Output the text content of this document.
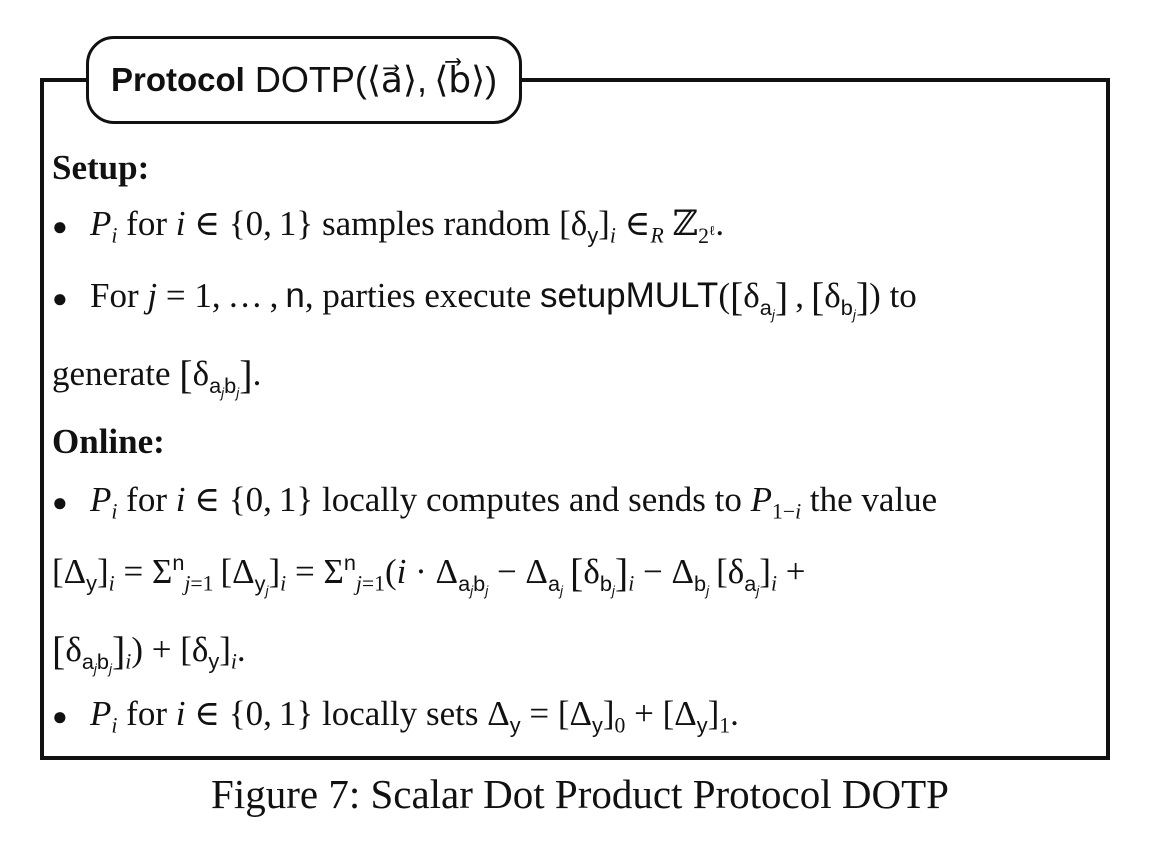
Protocol DOTP(⟨a⃗⟩, ⟨b⃗⟩)
Setup:
● $P_i$ for i ∈ {0, 1} samples random $[\delta_y]_i$ $\in_R$ ℤ$_{2^\ell}$.
● For j = 1, … , n, parties execute $setupMULT([\delta_{a_j}]$ , $[\delta_{b_j}]$) to
generate $[\delta_{a_jb_j}]$.
Online:
● $P_i$ for i ∈ {0, 1} locally computes and sends to $P_{1-i}$ the value
$[\Delta_y]_i = \Sigma^n_{j=1}$ $[\Delta_{y_j}]_i = \Sigma^n_{j=1}(i \cdot \Delta_{a_jb_j} - \Delta_{a_j}$  $[\delta_{b_j}]_i - \Delta_{b_j}$ $[\delta_{a_j}]_i$ +
$[\delta_{a_jb_j}]_i) + [\delta_y]_i$.
● $P_i$ for i ∈ {0, 1} locally sets $\Delta_y = [\Delta_y]_0 + [\Delta_y]_1$.
Figure 7: Scalar Dot Product Protocol DOTP
